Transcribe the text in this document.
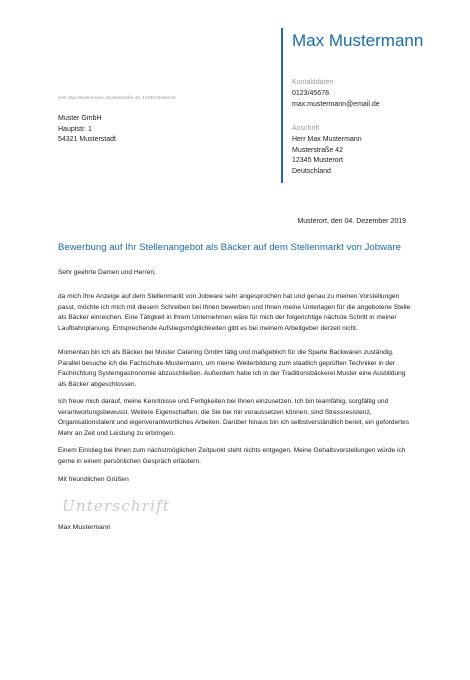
Max Mustermann
Kontaktdaten
0123/45678
max.mustermann@email.de
Anschrift
Herr Max Mustermann
Musterstraße 42
12345 Musterort
Deutschland
Herr Max Mustermann, Musterstraße 42, 12345 Musterort
Muster GmbH
Hauptstr. 1
54321 Musterstadt
Musterort, den 04. Dezember 2019
Bewerbung auf Ihr Stellenangebot als Bäcker auf dem Stellenmarkt von Jobware
Sehr geehrte Damen und Herren,
da mich Ihre Anzeige auf dem Stellenmarkt von Jobware sehr angesprochen hat und genau zu meinen Vorstellungen passt, möchte ich mich mit diesem Schreiben bei Ihnen bewerben und Ihnen meine Unterlagen für die angebotene Stelle als Bäcker einreichen. Eine Tätigkeit in Ihrem Unternehmen wäre für mich der folgerichtige nächste Schritt in meiner Laufbahnplanung. Entsprechende Aufstiegsmöglichkeiten gibt es bei meinem Arbeitgeber derzeit nicht.
Momentan bin ich als Bäcker bei Muster Catering GmbH tätig und maßgeblich für die Sparte Backwaren zuständig. Parallel besuche ich die Fachschule-Mustermann, um meine Weiterbildung zum staatlich geprüften Techniker in der Fachrichtung Systemgastronomie abzuschließen. Außerdem habe ich in der Traditionsbäckerei Muster eine Ausbildung als Bäcker abgeschlossen.
Ich freue mich darauf, meine Kenntnisse und Fertigkeiten bei Ihnen einzusetzen. Ich bin teamfähig, sorgfältig und verantwortungsbewusst. Weitere Eigenschaften, die Sie bei mir voraussetzen können, sind Stressresistenz, Organisationstalent und eigenverantwortliches Arbeiten. Darüber hinaus bin ich selbstverständlich bereit, ein gefordertes Mehr an Zeit und Leistung zu erbringen.
Einem Einstieg bei Ihnen zum nächstmöglichen Zeitpunkt steht nichts entgegen. Meine Gehaltsvorstellungen würde ich gerne in einem persönlichen Gespräch erläutern.
Mit freundlichen Grüßen
Unterschrift
Max Mustermann
